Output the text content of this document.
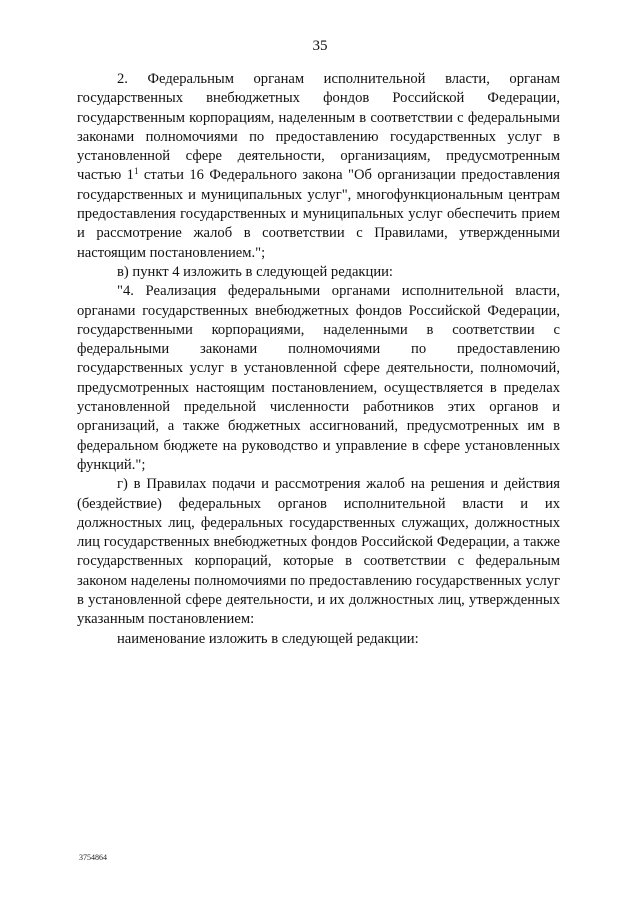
35

2. Федеральным органам исполнительной власти, органам государственных внебюджетных фондов Российской Федерации, государственным корпорациям, наделенным в соответствии с федеральными законами полномочиями по предоставлению государственных услуг в установленной сфере деятельности, организациям, предусмотренным частью $1^1$ статьи 16 Федерального закона "Об организации предоставления государственных и муниципальных услуг", многофункциональным центрам предоставления государственных и муниципальных услуг обеспечить прием и рассмотрение жалоб в соответствии с Правилами, утвержденными настоящим постановлением.";

в) пункт 4 изложить в следующей редакции:

"4. Реализация федеральными органами исполнительной власти, органами государственных внебюджетных фондов Российской Федерации, государственными корпорациями, наделенными в соответствии с федеральными законами полномочиями по предоставлению государственных услуг в установленной сфере деятельности, полномочий, предусмотренных настоящим постановлением, осуществляется в пределах установленной предельной численности работников этих органов и организаций, а также бюджетных ассигнований, предусмотренных им в федеральном бюджете на руководство и управление в сфере установленных функций.";

г) в Правилах подачи и рассмотрения жалоб на решения и действия (бездействие) федеральных органов исполнительной власти и их должностных лиц, федеральных государственных служащих, должностных лиц государственных внебюджетных фондов Российской Федерации, а также государственных корпораций, которые в соответствии с федеральным законом наделены полномочиями по предоставлению государственных услуг в установленной сфере деятельности, и их должностных лиц, утвержденных указанным постановлением:

наименование изложить в следующей редакции:

3754864
